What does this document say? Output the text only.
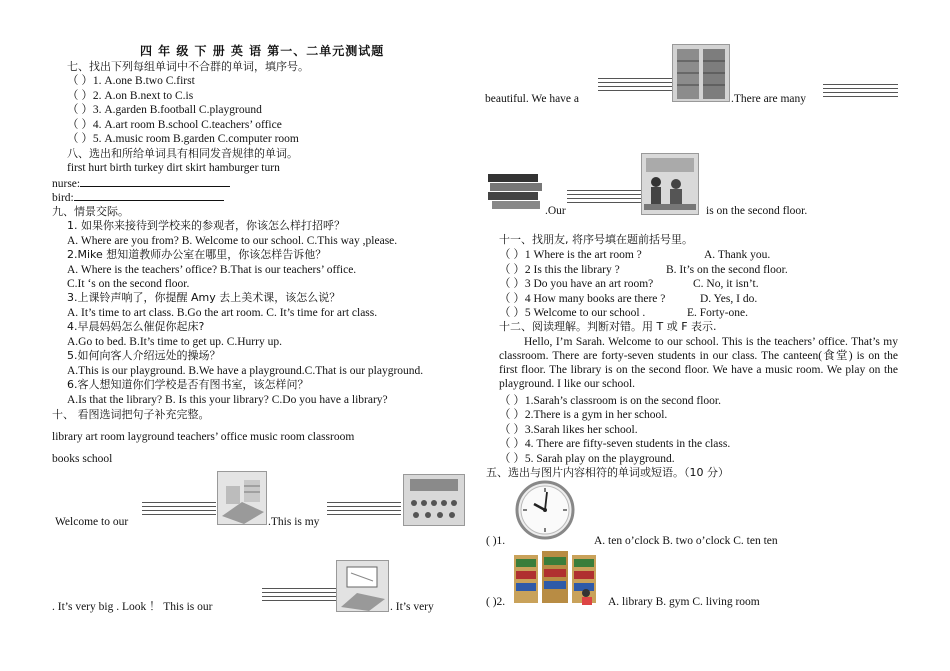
四 年 级 下 册 英 语 第一、二单元测试题
七、找出下列每组单词中不合群的单词，填序号。
（ ）1. A.one B.two C.first
（ ）2. A.on B.next to C.is
（ ）3. A.garden B.football C.playground
（ ）4. A.art room B.school C.teachers’ office
（ ）5. A.music room B.garden C.computer room
八、选出和所给单词具有相同发音规律的单词。
first hurt birth turkey dirt skirt hamburger turn
nurse:
bird:
九、情景交际。
1. 如果你来接待到学校来的参观者，你该怎么样打招呼？
A. Where are you from? B. Welcome to our school. C.This way ,please.
2.Mike 想知道教师办公室在哪里，你该怎样告诉他？
A. Where is the teachers’ office? B.That is our teachers’ office.
C.It ‘s on the second floor.
3.上课铃声响了，你提醒 Amy 去上美术课，该怎么说？
A. It’s time to art class. B.Go the art room. C. It’s time for art class.
4.早晨妈妈怎么催促你起床?
A.Go to bed. B.It’s time to get up. C.Hurry up.
5.如何向客人介绍远处的操场？
A.This is our playground. B.We have a playground.C.That is our playground.
6.客人想知道你们学校是否有图书室，该怎样问？
A.Is that the library? B. Is this your library? C.Do you have a library?
十、 看图选词把句子补充完整。
library art room layground teachers’ office music room classroom
books school
Welcome to our	.This is my
. It’s very big . Look ！ This is our	. It’s very
beautiful. We have a	.There are many
.Our	is on the second floor.
十一、找朋友, 将序号填在题前括号里。
（ ）1 Where is the art room ?	A. Thank you.
（ ）2 Is this the library ?	B. It’s on the second floor.
（ ）3 Do you have an art room?	C. No, it isn’t.
（ ）4 How many books are there ?	D. Yes, I do.
（ ）5 Welcome to our school .	E. Forty-one.
十二、阅读理解。判断对错。用 T 或 F 表示.
Hello, I’m Sarah. Welcome to our school. This is the teachers’ office. That’s my classroom. There are forty-seven students in our class. The canteen(食堂) is on the first floor. The library is on the second floor. We have a music room. We play on the playground. I like our school.
（ ）1.Sarah’s classroom is on the second floor.
（ ）2.There is a gym in her school.
（ ）3.Sarah likes her school.
（ ）4. There are fifty-seven students in the class.
（ ）5. Sarah play on the playground.
五、选出与图片内容相符的单词或短语。（10 分）
( )1.	A. ten o’clock B. two o’clock C. ten ten
( )2.	A. library B. gym C. living room
